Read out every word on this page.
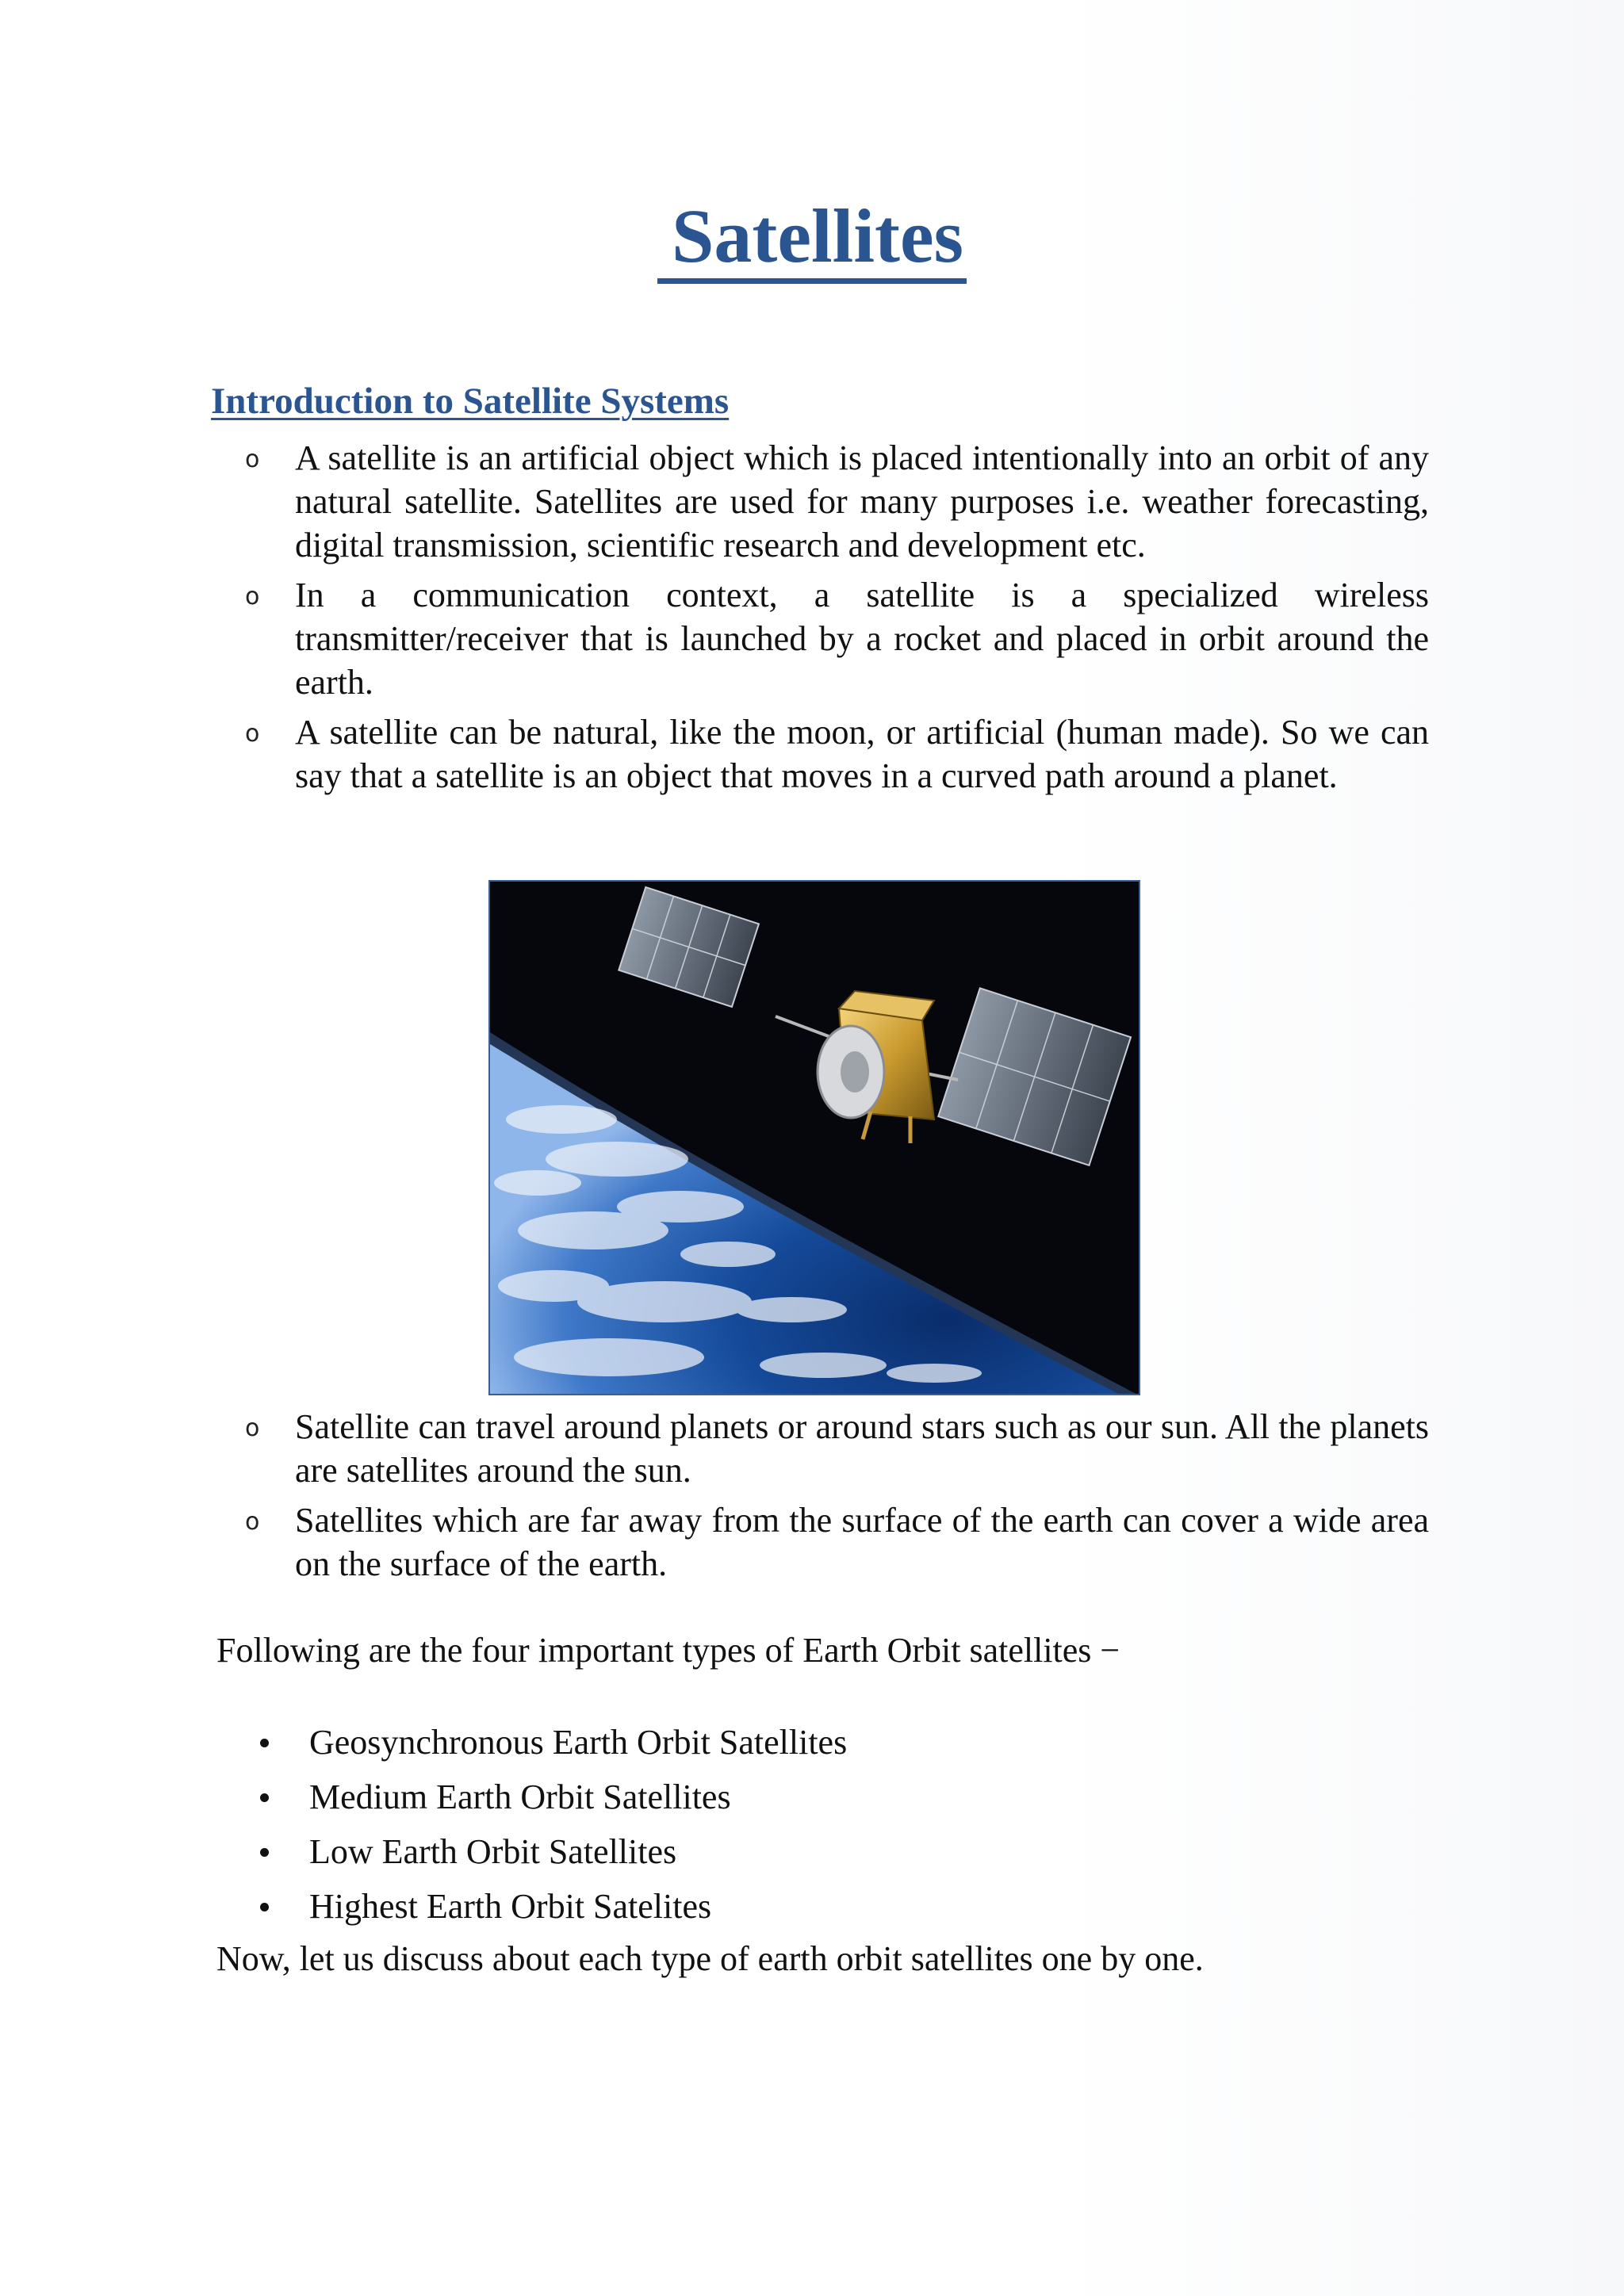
Satellites
Introduction to Satellite Systems
o A satellite is an artificial object which is placed intentionally into an orbit of any natural satellite. Satellites are used for many purposes i.e. weather forecasting, digital transmission, scientific research and development etc.
o In a communication context, a satellite is a specialized wireless transmitter/receiver that is launched by a rocket and placed in orbit around the earth.
o A satellite can be natural, like the moon, or artificial (human made). So we can say that a satellite is an object that moves in a curved path around a planet.
o Satellite can travel around planets or around stars such as our sun. All the planets are satellites around the sun.
o Satellites which are far away from the surface of the earth can cover a wide area on the surface of the earth.

Following are the four important types of Earth Orbit satellites −

Geosynchronous Earth Orbit Satellites
Medium Earth Orbit Satellites
Low Earth Orbit Satellites
Highest Earth Orbit Satelites

Now, let us discuss about each type of earth orbit satellites one by one.
